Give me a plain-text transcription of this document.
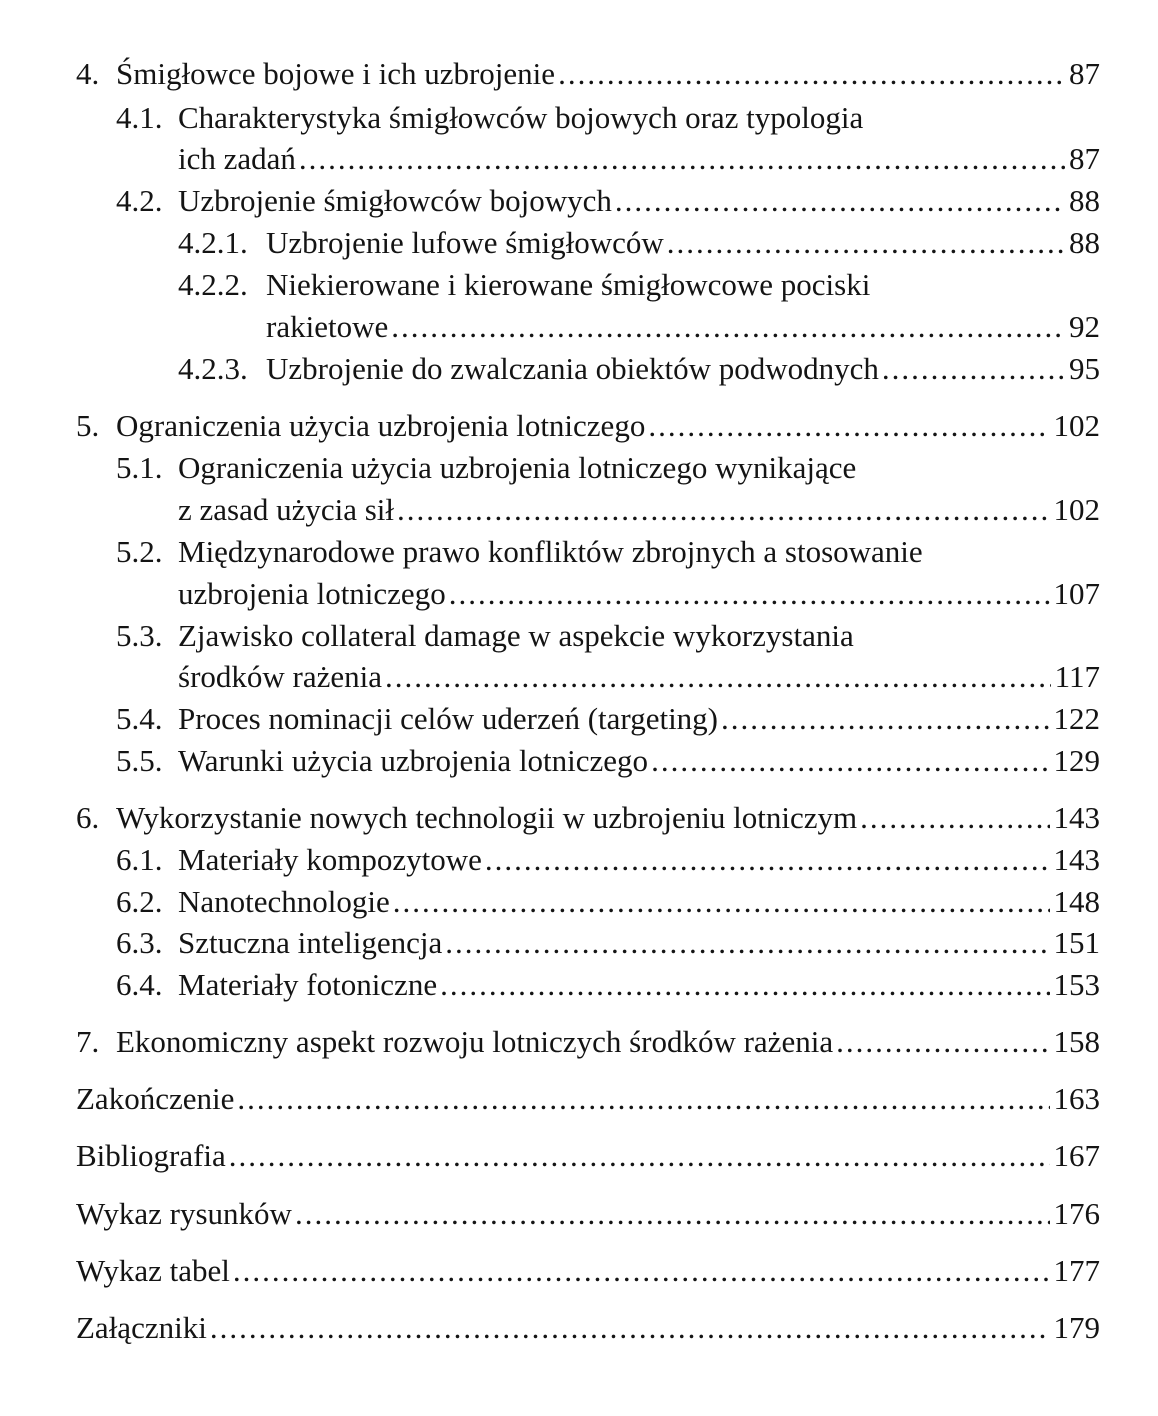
4. Śmigłowce bojowe i ich uzbrojenie .....	87
4.1. Charakterystyka śmigłowców bojowych oraz typologia
ich zadań .....	87
4.2. Uzbrojenie śmigłowców bojowych .....	88
4.2.1. Uzbrojenie lufowe śmigłowców .....	88
4.2.2. Niekierowane i kierowane śmigłowcowe pociski
rakietowe .....	92
4.2.3. Uzbrojenie do zwalczania obiektów podwodnych .....	95
5. Ograniczenia użycia uzbrojenia lotniczego .....	102
5.1. Ograniczenia użycia uzbrojenia lotniczego wynikające
z zasad użycia sił .....	102
5.2. Międzynarodowe prawo konfliktów zbrojnych a stosowanie
uzbrojenia lotniczego .....	107
5.3. Zjawisko collateral damage w aspekcie wykorzystania
środków rażenia .....	117
5.4. Proces nominacji celów uderzeń (targeting) .....	122
5.5. Warunki użycia uzbrojenia lotniczego .....	129
6. Wykorzystanie nowych technologii w uzbrojeniu lotniczym .....	143
6.1. Materiały kompozytowe .....	143
6.2. Nanotechnologie .....	148
6.3. Sztuczna inteligencja .....	151
6.4. Materiały fotoniczne .....	153
7. Ekonomiczny aspekt rozwoju lotniczych środków rażenia .....	158
Zakończenie .....	163
Bibliografia .....	167
Wykaz rysunków .....	176
Wykaz tabel .....	177
Załączniki .....	179
